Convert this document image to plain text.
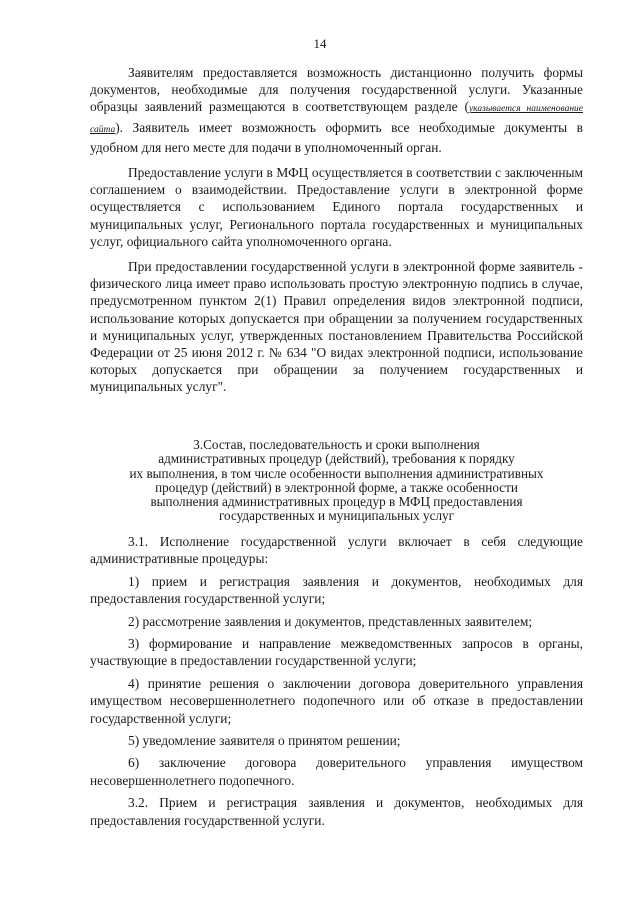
14

Заявителям предоставляется возможность дистанционно получить формы документов, необходимые для получения государственной услуги. Указанные образцы заявлений размещаются в соответствующем разделе (указывается наименование сайта). Заявитель имеет возможность оформить все необходимые документы в удобном для него месте для подачи в уполномоченный орган.

Предоставление услуги в МФЦ осуществляется в соответствии с заключенным соглашением о взаимодействии. Предоставление услуги в электронной форме осуществляется с использованием Единого портала государственных и муниципальных услуг, Регионального портала государственных и муниципальных услуг, официального сайта уполномоченного органа.

При предоставлении государственной услуги в электронной форме заявитель - физического лица имеет право использовать простую электронную подпись в случае, предусмотренном пунктом 2(1) Правил определения видов электронной подписи, использование которых допускается при обращении за получением государственных и муниципальных услуг, утвержденных постановлением Правительства Российской Федерации от 25 июня 2012 г. № 634 "О видах электронной подписи, использование которых допускается при обращении за получением государственных и муниципальных услуг".

3.Состав, последовательность и сроки выполнения
административных процедур (действий), требования к порядку
их выполнения, в том числе особенности выполнения административных
процедур (действий) в электронной форме, а также особенности
выполнения административных процедур в МФЦ предоставления
государственных и муниципальных услуг

3.1. Исполнение государственной услуги включает в себя следующие административные процедуры:

1) прием и регистрация заявления и документов, необходимых для предоставления государственной услуги;

2) рассмотрение заявления и документов, представленных заявителем;

3) формирование и направление межведомственных запросов в органы, участвующие в предоставлении государственной услуги;

4) принятие решения о заключении договора доверительного управления имуществом несовершеннолетнего подопечного или об отказе в предоставлении государственной услуги;

5) уведомление заявителя о принятом решении;

6) заключение договора доверительного управления имуществом несовершеннолетнего подопечного.

3.2. Прием и регистрация заявления и документов, необходимых для предоставления государственной услуги.
